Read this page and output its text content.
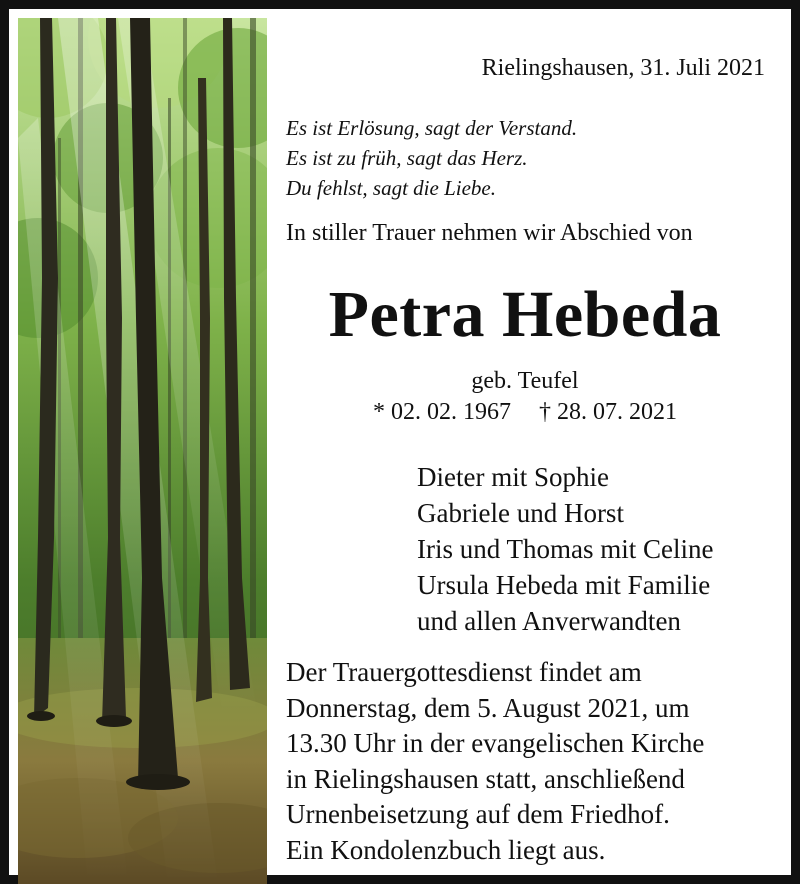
Rielingshausen, 31. Juli 2021
Es ist Erlösung, sagt der Verstand.
Es ist zu früh, sagt das Herz.
Du fehlst, sagt die Liebe.
In stiller Trauer nehmen wir Abschied von
Petra Hebeda
geb. Teufel
* 02. 02. 1967 † 28. 07. 2021
Dieter mit Sophie
Gabriele und Horst
Iris und Thomas mit Celine
Ursula Hebeda mit Familie
und allen Anverwandten
Der Trauergottesdienst findet am
Donnerstag, dem 5. August 2021, um
13.30 Uhr in der evangelischen Kirche
in Rielingshausen statt, anschließend
Urnenbeisetzung auf dem Friedhof.
Ein Kondolenzbuch liegt aus.
